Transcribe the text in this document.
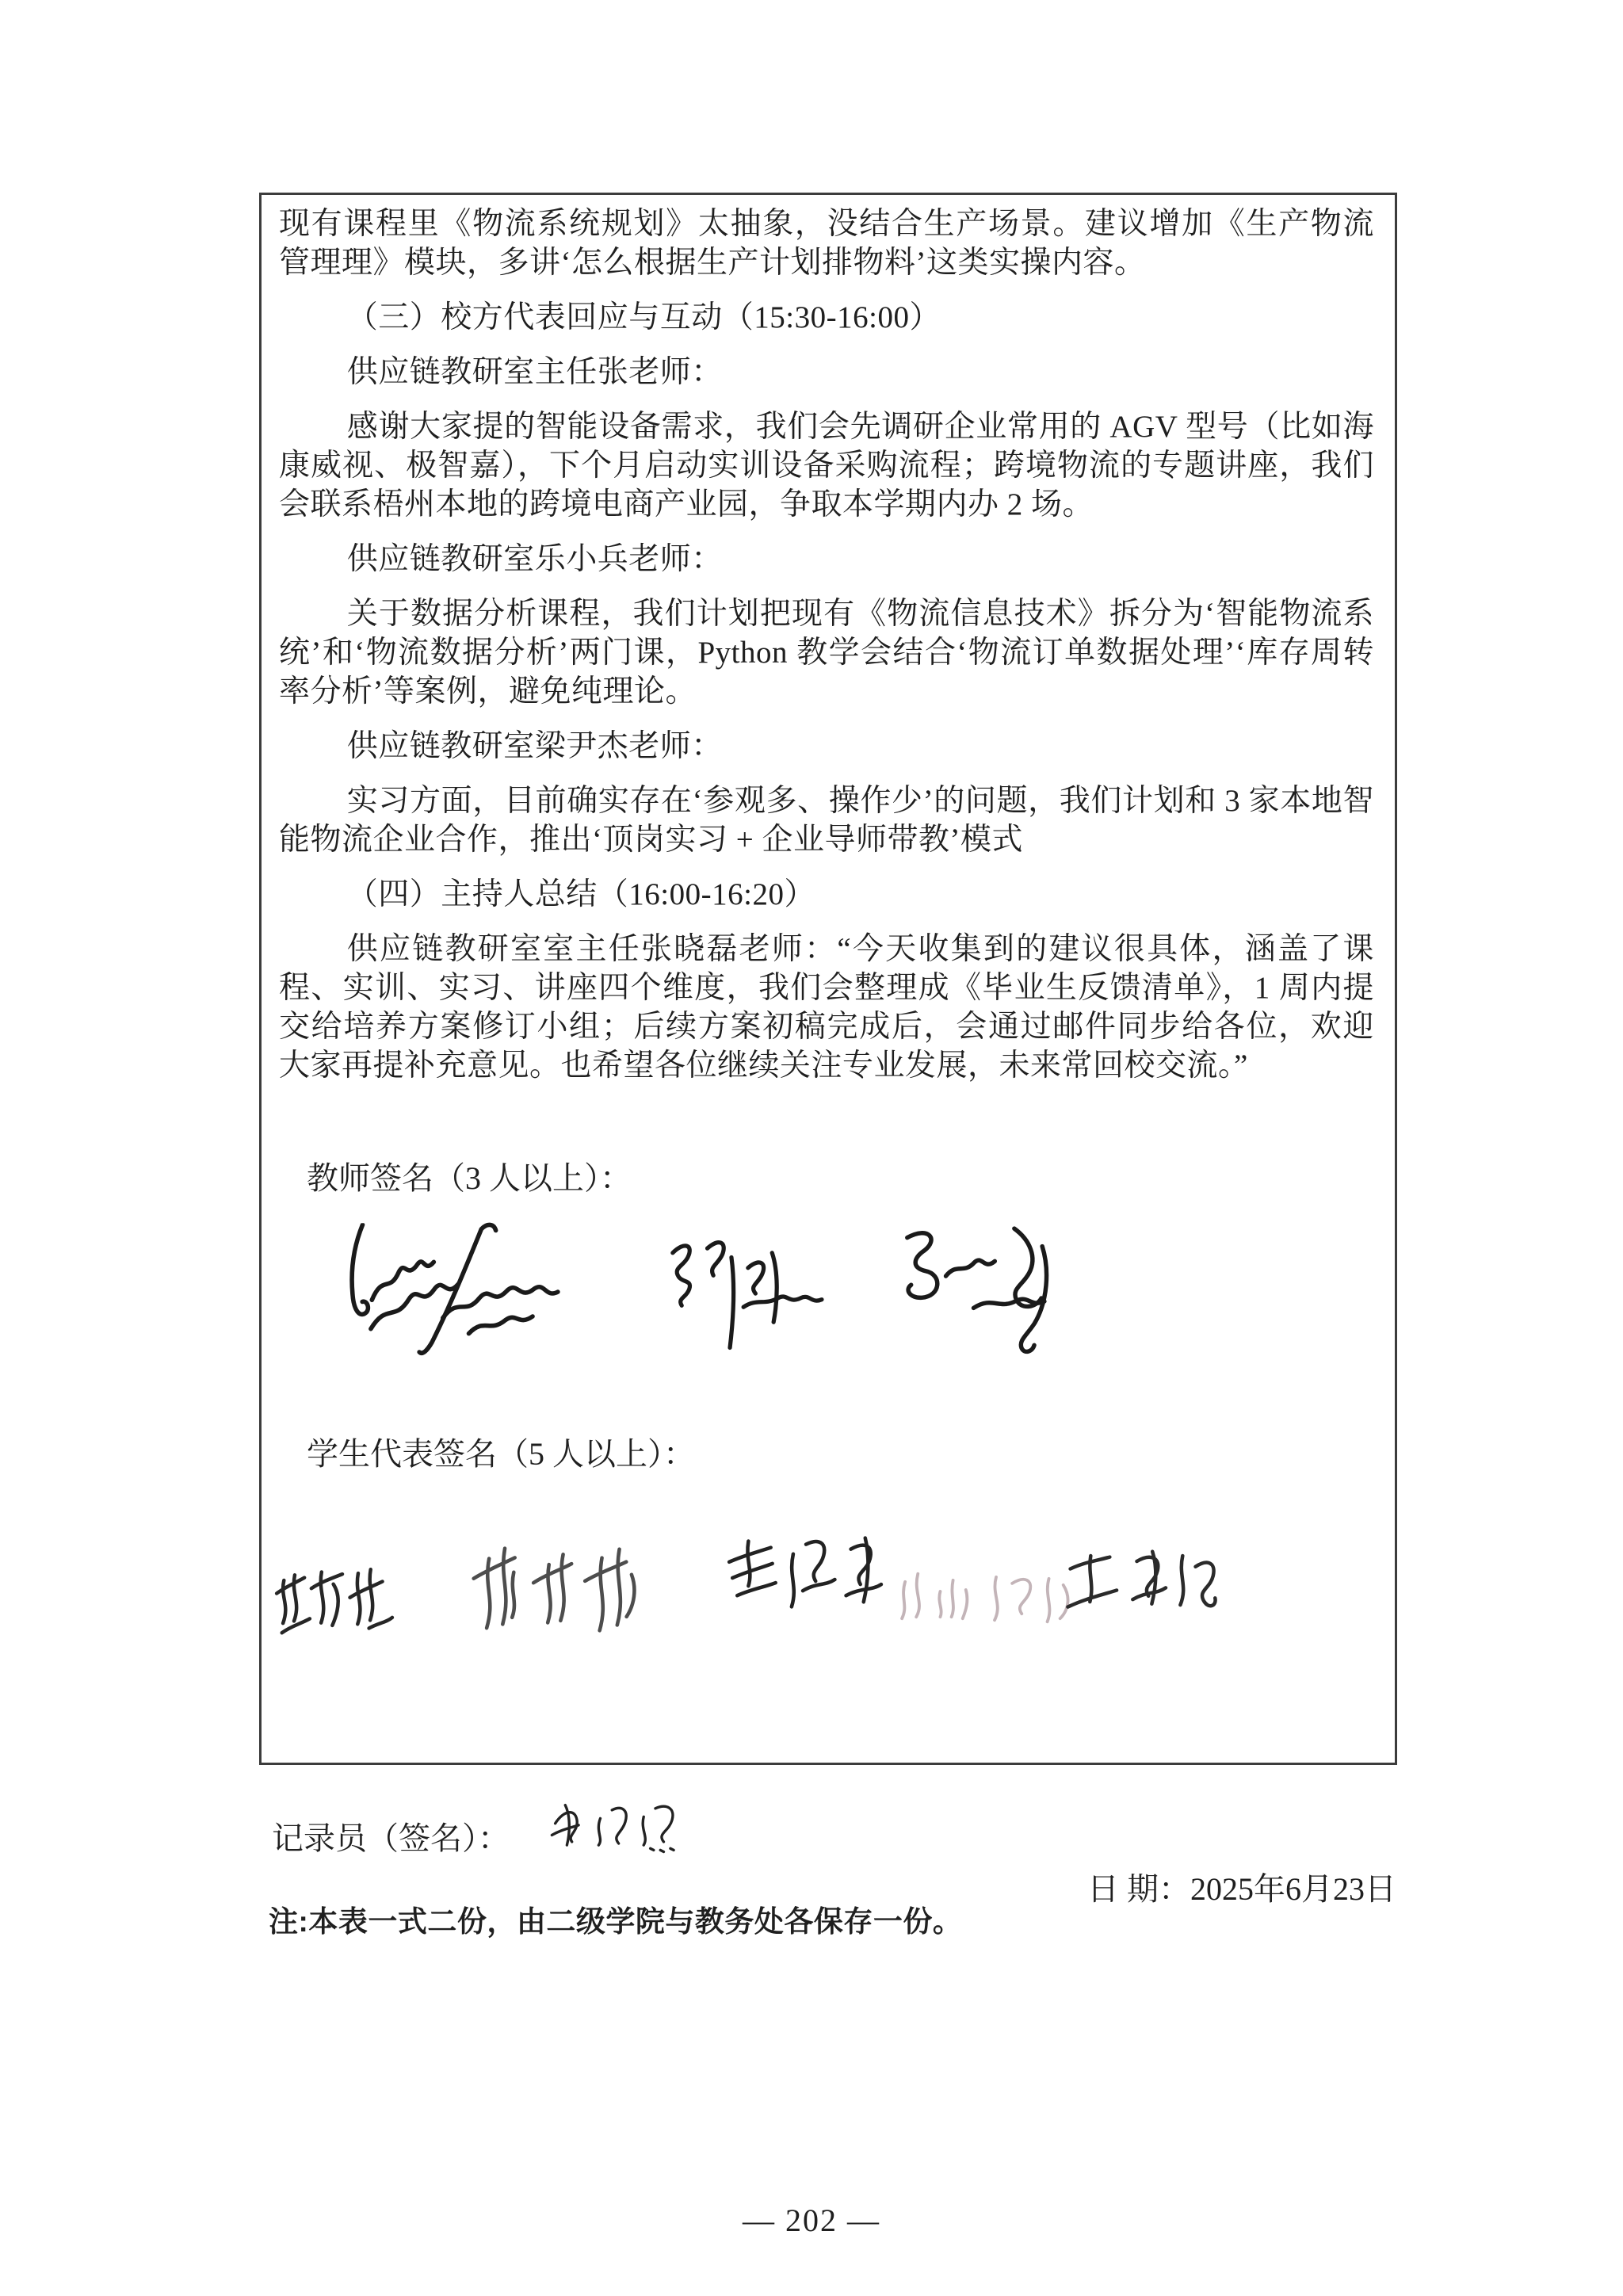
现有课程里《物流系统规划》太抽象，没结合生产场景。建议增加《生产物流管理理》模块，多讲‘怎么根据生产计划排物料’这类实操内容。

（三）校方代表回应与互动（15:30-16:00）

供应链教研室主任张老师：

感谢大家提的智能设备需求，我们会先调研企业常用的 AGV 型号（比如海康威视、极智嘉），下个月启动实训设备采购流程；跨境物流的专题讲座，我们会联系梧州本地的跨境电商产业园，争取本学期内办 2 场。

供应链教研室乐小兵老师：

关于数据分析课程，我们计划把现有《物流信息技术》拆分为‘智能物流系统’和‘物流数据分析’两门课，Python 教学会结合‘物流订单数据处理’‘库存周转率分析’等案例，避免纯理论。

供应链教研室梁尹杰老师：

实习方面，目前确实存在‘参观多、操作少’的问题，我们计划和 3 家本地智能物流企业合作，推出‘顶岗实习 + 企业导师带教’模式

（四）主持人总结（16:00-16:20）

供应链教研室室主任张晓磊老师：“今天收集到的建议很具体，涵盖了课程、实训、实习、讲座四个维度，我们会整理成《毕业生反馈清单》，1 周内提交给培养方案修订小组；后续方案初稿完成后，会通过邮件同步给各位，欢迎大家再提补充意见。也希望各位继续关注专业发展，未来常回校交流。”

教师签名（3 人以上）：
学生代表签名（5 人以上）：
记录员（签名）：
日 期：2025年6月23日
注:本表一式二份，由二级学院与教务处各保存一份。
— 202 —
